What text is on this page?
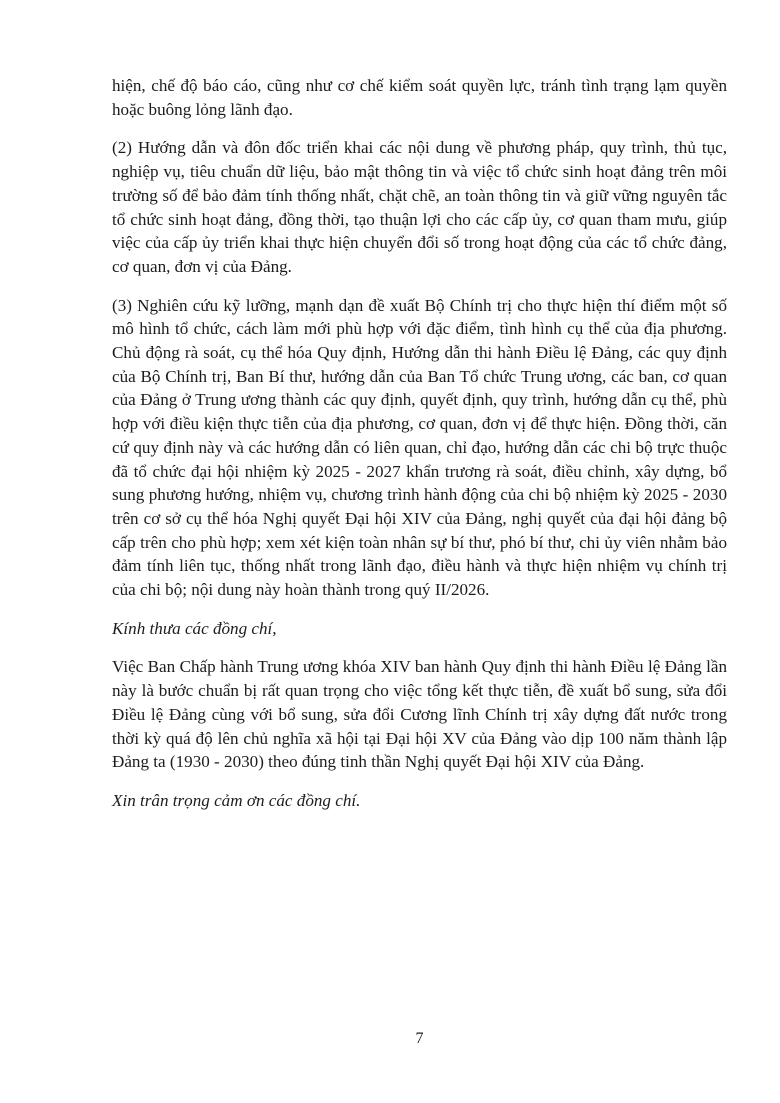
hiện, chế độ báo cáo, cũng như cơ chế kiểm soát quyền lực, tránh tình trạng lạm quyền hoặc buông lỏng lãnh đạo.

(2) Hướng dẫn và đôn đốc triển khai các nội dung về phương pháp, quy trình, thủ tục, nghiệp vụ, tiêu chuẩn dữ liệu, bảo mật thông tin và việc tổ chức sinh hoạt đảng trên môi trường số để bảo đảm tính thống nhất, chặt chẽ, an toàn thông tin và giữ vững nguyên tắc tổ chức sinh hoạt đảng, đồng thời, tạo thuận lợi cho các cấp ủy, cơ quan tham mưu, giúp việc của cấp ủy triển khai thực hiện chuyển đổi số trong hoạt động của các tổ chức đảng, cơ quan, đơn vị của Đảng.

(3) Nghiên cứu kỹ lưỡng, mạnh dạn đề xuất Bộ Chính trị cho thực hiện thí điểm một số mô hình tổ chức, cách làm mới phù hợp với đặc điểm, tình hình cụ thể của địa phương. Chủ động rà soát, cụ thể hóa Quy định, Hướng dẫn thi hành Điều lệ Đảng, các quy định của Bộ Chính trị, Ban Bí thư, hướng dẫn của Ban Tổ chức Trung ương, các ban, cơ quan của Đảng ở Trung ương thành các quy định, quyết định, quy trình, hướng dẫn cụ thể, phù hợp với điều kiện thực tiễn của địa phương, cơ quan, đơn vị để thực hiện. Đồng thời, căn cứ quy định này và các hướng dẫn có liên quan, chỉ đạo, hướng dẫn các chi bộ trực thuộc đã tổ chức đại hội nhiệm kỳ 2025 - 2027 khẩn trương rà soát, điều chỉnh, xây dựng, bổ sung phương hướng, nhiệm vụ, chương trình hành động của chi bộ nhiệm kỳ 2025 - 2030 trên cơ sở cụ thể hóa Nghị quyết Đại hội XIV của Đảng, nghị quyết của đại hội đảng bộ cấp trên cho phù hợp; xem xét kiện toàn nhân sự bí thư, phó bí thư, chi ủy viên nhằm bảo đảm tính liên tục, thống nhất trong lãnh đạo, điều hành và thực hiện nhiệm vụ chính trị của chi bộ; nội dung này hoàn thành trong quý II/2026.

Kính thưa các đồng chí,

Việc Ban Chấp hành Trung ương khóa XIV ban hành Quy định thi hành Điều lệ Đảng lần này là bước chuẩn bị rất quan trọng cho việc tổng kết thực tiễn, đề xuất bổ sung, sửa đổi Điều lệ Đảng cùng với bổ sung, sửa đổi Cương lĩnh Chính trị xây dựng đất nước trong thời kỳ quá độ lên chủ nghĩa xã hội tại Đại hội XV của Đảng vào dịp 100 năm thành lập Đảng ta (1930 - 2030) theo đúng tinh thần Nghị quyết Đại hội XIV của Đảng.

Xin trân trọng cảm ơn các đồng chí.

7
